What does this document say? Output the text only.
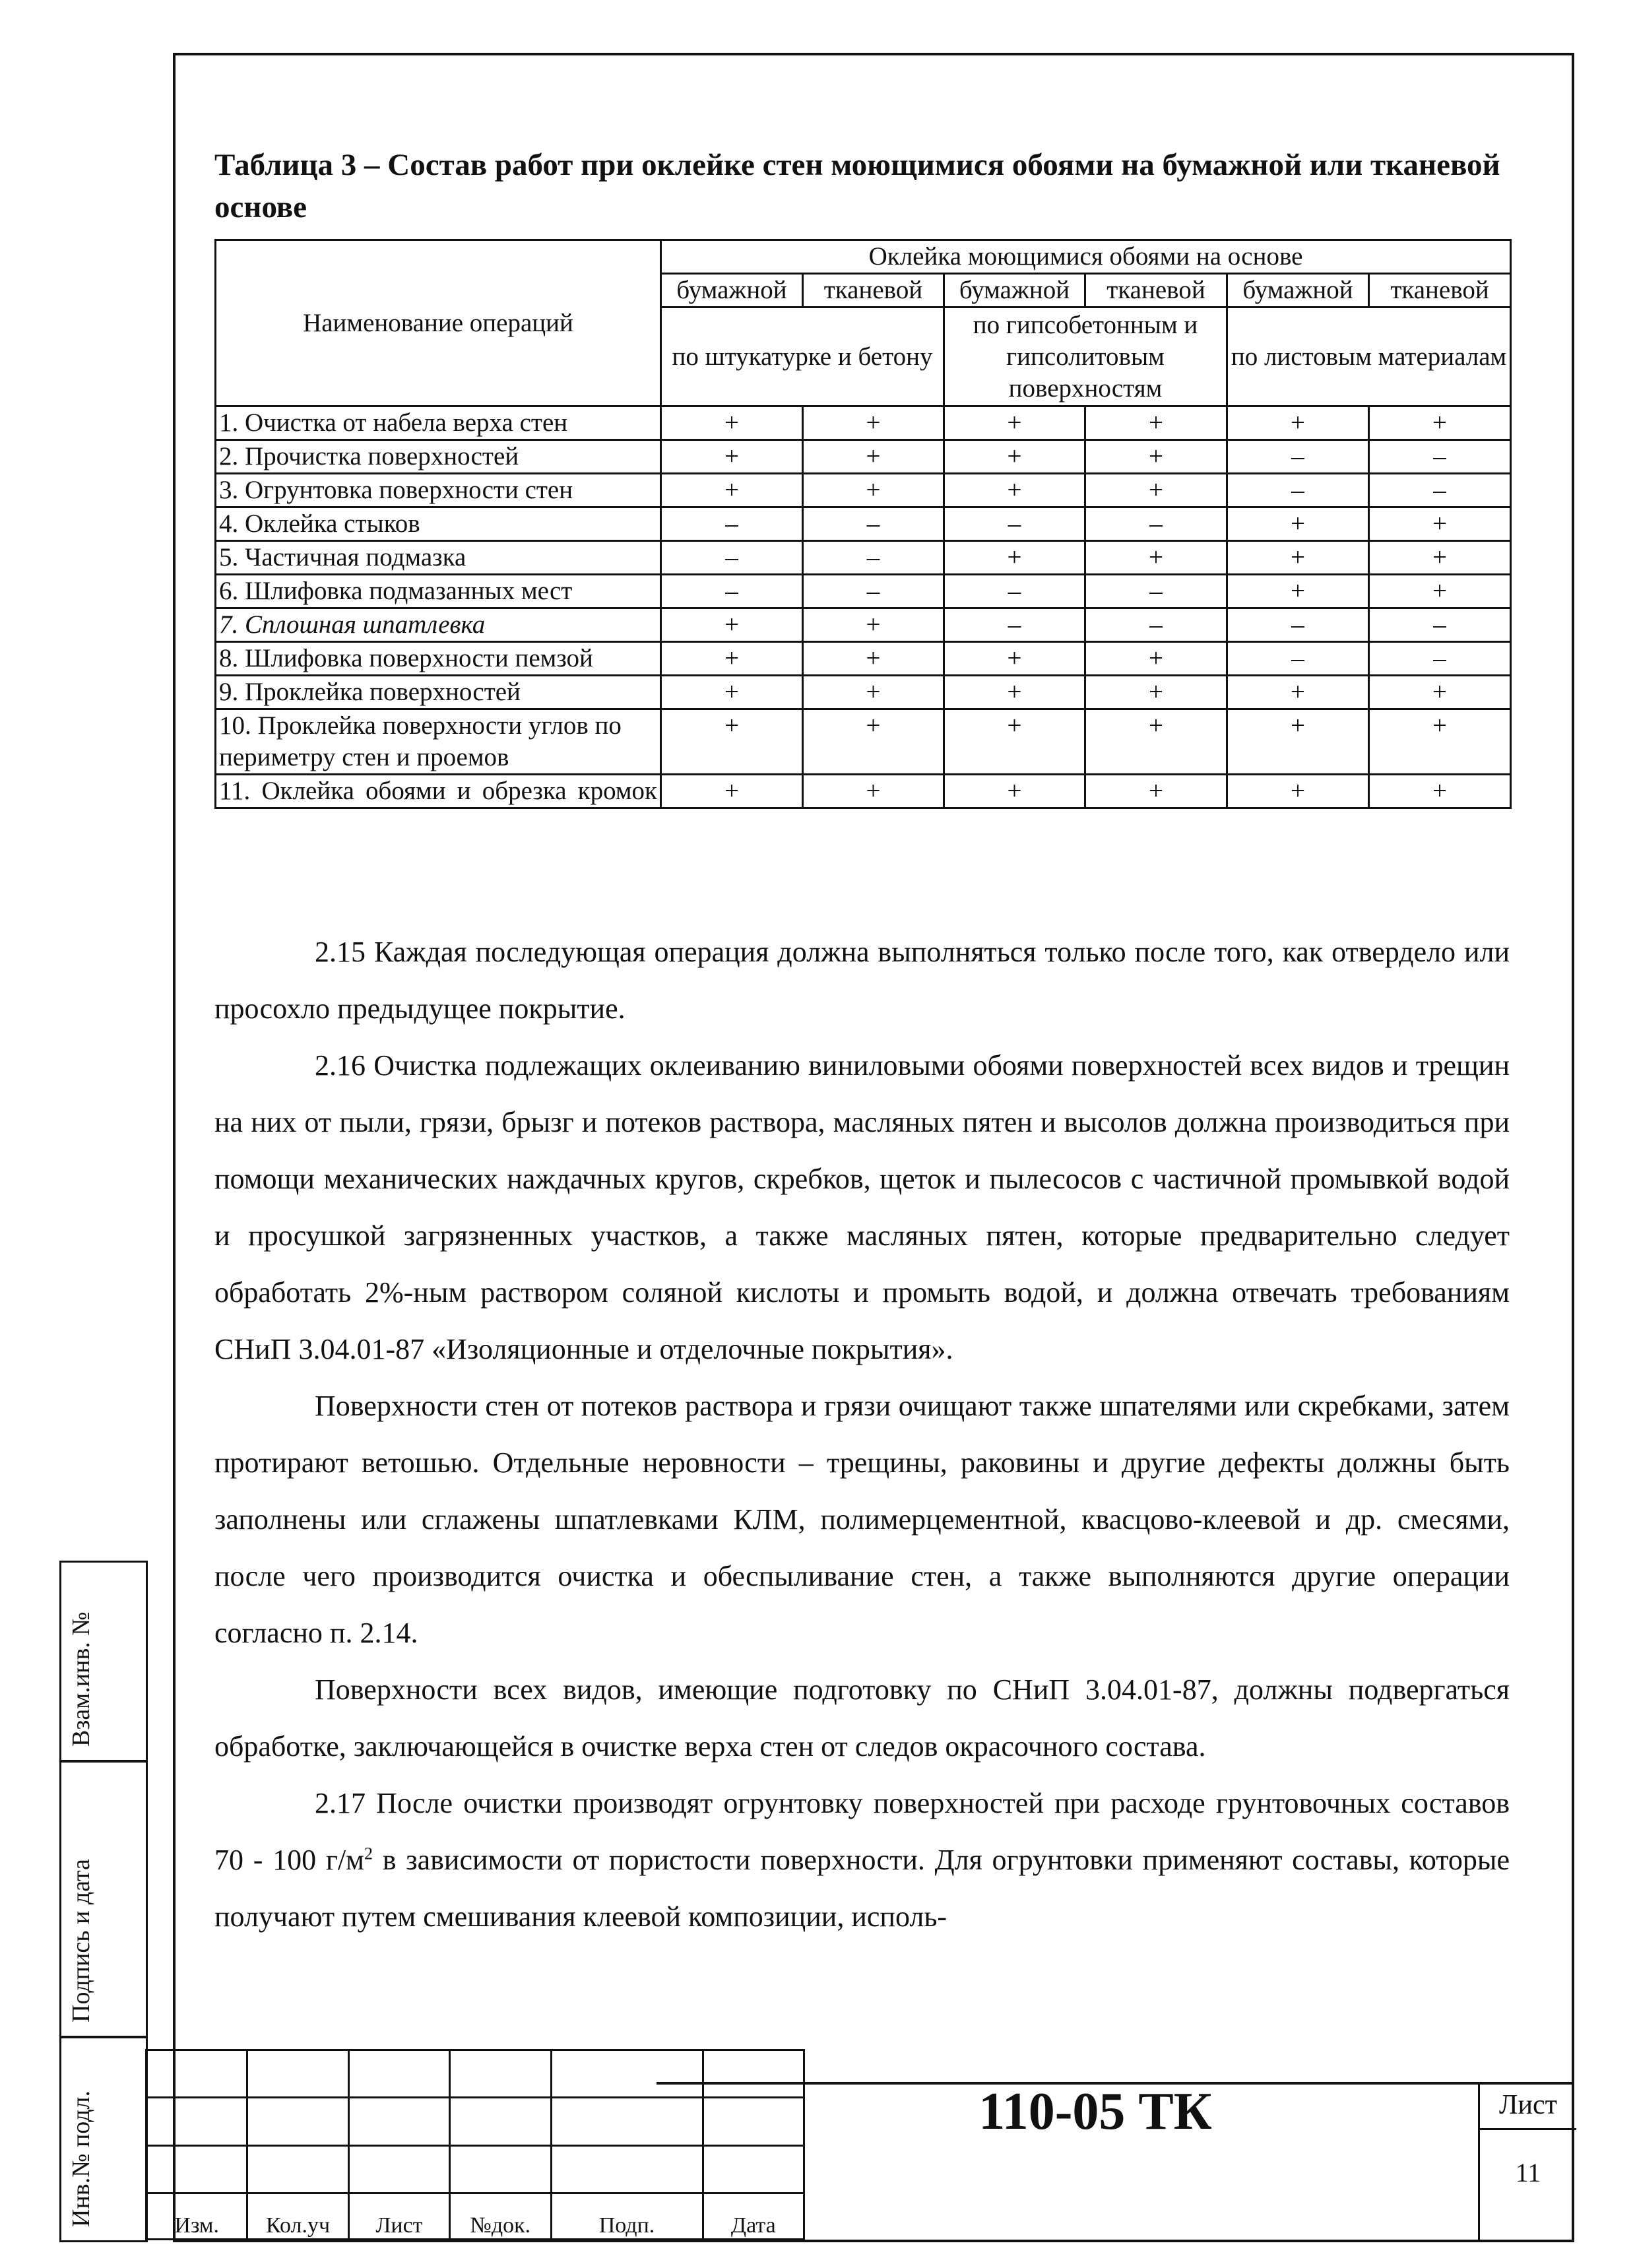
Таблица 3 – Состав работ при оклейке стен моющимися обоями на бумажной или тканевой основе
Наименование операций	Оклейка моющимися обоями на основе					
	бумажной	тканевой	бумажной	тканевой	бумажной	тканевой
	по штукатурке и бетону		по гипсобетонным и гипсолитовым поверхностям		по листовым материалам	
1. Очистка от набела верха стен	+	+	+	+	+	+
2. Прочистка поверхностей	+	+	+	+	–	–
3. Огрунтовка поверхности стен	+	+	+	+	–	–
4. Оклейка стыков	–	–	–	–	+	+
5. Частичная подмазка	–	–	+	+	+	+
6. Шлифовка подмазанных мест	–	–	–	–	+	+
7. Сплошная шпатлевка	+	+	–	–	–	–
8. Шлифовка поверхности пемзой	+	+	+	+	–	–
9. Проклейка поверхностей	+	+	+	+	+	+
10. Проклейка поверхности углов по периметру стен и проемов	+	+	+	+	+	+
11. Оклейка обоями и обрезка кромок	+	+	+	+	+	+

2.15 Каждая последующая операция должна выполняться только после того, как отвердело или просохло предыдущее покрытие.

2.16 Очистка подлежащих оклеиванию виниловыми обоями поверхностей всех видов и трещин на них от пыли, грязи, брызг и потеков раствора, масляных пятен и высолов должна производиться при помощи механических наждачных кругов, скребков, щеток и пылесосов с частичной промывкой водой и просушкой загрязненных участков, а также масляных пятен, которые предварительно следует обработать 2%-ным раствором соляной кислоты и промыть водой, и должна отвечать требованиям СНиП 3.04.01-87 «Изоляционные и отделочные покрытия».

Поверхности стен от потеков раствора и грязи очищают также шпателями или скребками, затем протирают ветошью. Отдельные неровности – трещины, раковины и другие дефекты должны быть заполнены или сглажены шпатлевками КЛМ, полимерцементной, квасцово-клеевой и др. смесями, после чего производится очистка и обеспыливание стен, а также выполняются другие операции согласно п. 2.14.

Поверхности всех видов, имеющие подготовку по СНиП 3.04.01-87, должны подвергаться обработке, заключающейся в очистке верха стен от следов окрасочного состава.

2.17 После очистки производят огрунтовку поверхностей при расходе грунтовочных составов 70 - 100 $г/м^2$ в зависимости от пористости поверхности. Для огрунтовки применяют составы, которые получают путем смешивания клеевой композиции, исполь-

Взам.инв. №
Подпись и дата
Инв.№ подл.

						Изм.	Кол.уч	Лист	№док.	Подп.	Дата
110-05 ТК	Лист
11
